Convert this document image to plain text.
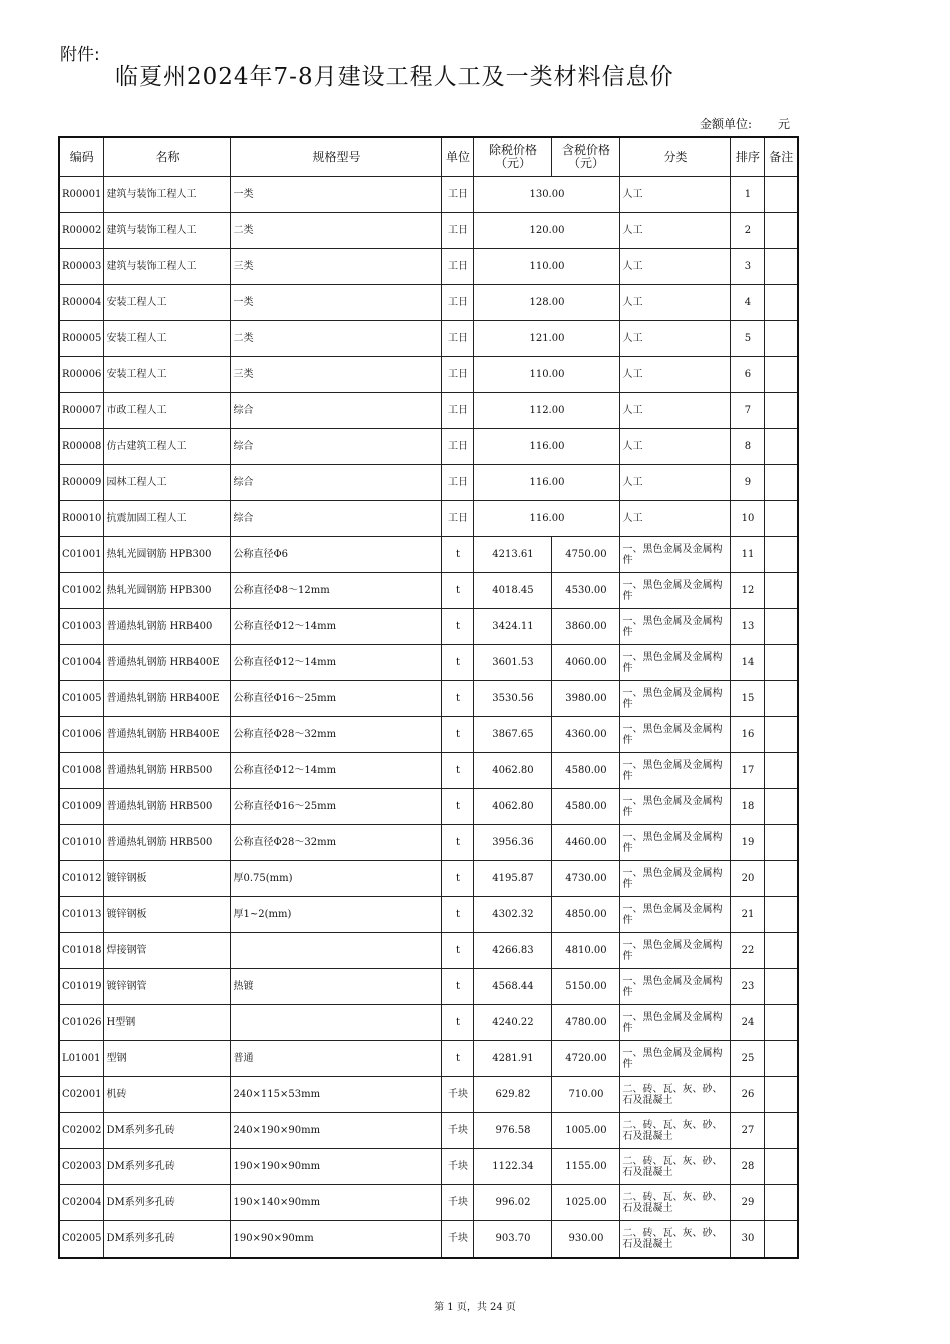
附件:
临夏州2024年7-8月建设工程人工及一类材料信息价
金额单位: 元
编码	名称	规格型号	单位	除税价格（元）	含税价格（元）	分类	排序	备注
R00001	建筑与装饰工程人工	一类	工日	130.00		人工	1	
R00002	建筑与装饰工程人工	二类	工日	120.00		人工	2	
R00003	建筑与装饰工程人工	三类	工日	110.00		人工	3	
R00004	安装工程人工	一类	工日	128.00		人工	4	
R00005	安装工程人工	二类	工日	121.00		人工	5	
R00006	安装工程人工	三类	工日	110.00		人工	6	
R00007	市政工程人工	综合	工日	112.00		人工	7	
R00008	仿古建筑工程人工	综合	工日	116.00		人工	8	
R00009	园林工程人工	综合	工日	116.00		人工	9	
R00010	抗震加固工程人工	综合	工日	116.00		人工	10	
C01001	热轧光圆钢筋 HPB300	公称直径Φ6	t	4213.61	4750.00	一、黑色金属及金属构件	11	
C01002	热轧光圆钢筋 HPB300	公称直径Φ8～12mm	t	4018.45	4530.00	一、黑色金属及金属构件	12	
C01003	普通热轧钢筋 HRB400	公称直径Φ12～14mm	t	3424.11	3860.00	一、黑色金属及金属构件	13	
C01004	普通热轧钢筋 HRB400E	公称直径Φ12～14mm	t	3601.53	4060.00	一、黑色金属及金属构件	14	
C01005	普通热轧钢筋 HRB400E	公称直径Φ16～25mm	t	3530.56	3980.00	一、黑色金属及金属构件	15	
C01006	普通热轧钢筋 HRB400E	公称直径Φ28～32mm	t	3867.65	4360.00	一、黑色金属及金属构件	16	
C01008	普通热轧钢筋 HRB500	公称直径Φ12～14mm	t	4062.80	4580.00	一、黑色金属及金属构件	17	
C01009	普通热轧钢筋 HRB500	公称直径Φ16～25mm	t	4062.80	4580.00	一、黑色金属及金属构件	18	
C01010	普通热轧钢筋 HRB500	公称直径Φ28～32mm	t	3956.36	4460.00	一、黑色金属及金属构件	19	
C01012	镀锌钢板	厚0.75(mm)	t	4195.87	4730.00	一、黑色金属及金属构件	20	
C01013	镀锌钢板	厚1~2(mm)	t	4302.32	4850.00	一、黑色金属及金属构件	21	
C01018	焊接钢管		t	4266.83	4810.00	一、黑色金属及金属构件	22	
C01019	镀锌钢管	热镀	t	4568.44	5150.00	一、黑色金属及金属构件	23	
C01026	H型钢		t	4240.22	4780.00	一、黑色金属及金属构件	24	
L01001	型钢	普通	t	4281.91	4720.00	一、黑色金属及金属构件	25	
C02001	机砖	240×115×53mm	千块	629.82	710.00	二、砖、瓦、灰、砂、石及混凝土	26	
C02002	DM系列多孔砖	240×190×90mm	千块	976.58	1005.00	二、砖、瓦、灰、砂、石及混凝土	27	
C02003	DM系列多孔砖	190×190×90mm	千块	1122.34	1155.00	二、砖、瓦、灰、砂、石及混凝土	28	
C02004	DM系列多孔砖	190×140×90mm	千块	996.02	1025.00	二、砖、瓦、灰、砂、石及混凝土	29	
C02005	DM系列多孔砖	190×90×90mm	千块	903.70	930.00	二、砖、瓦、灰、砂、石及混凝土	30	
第 1 页，共 24 页
